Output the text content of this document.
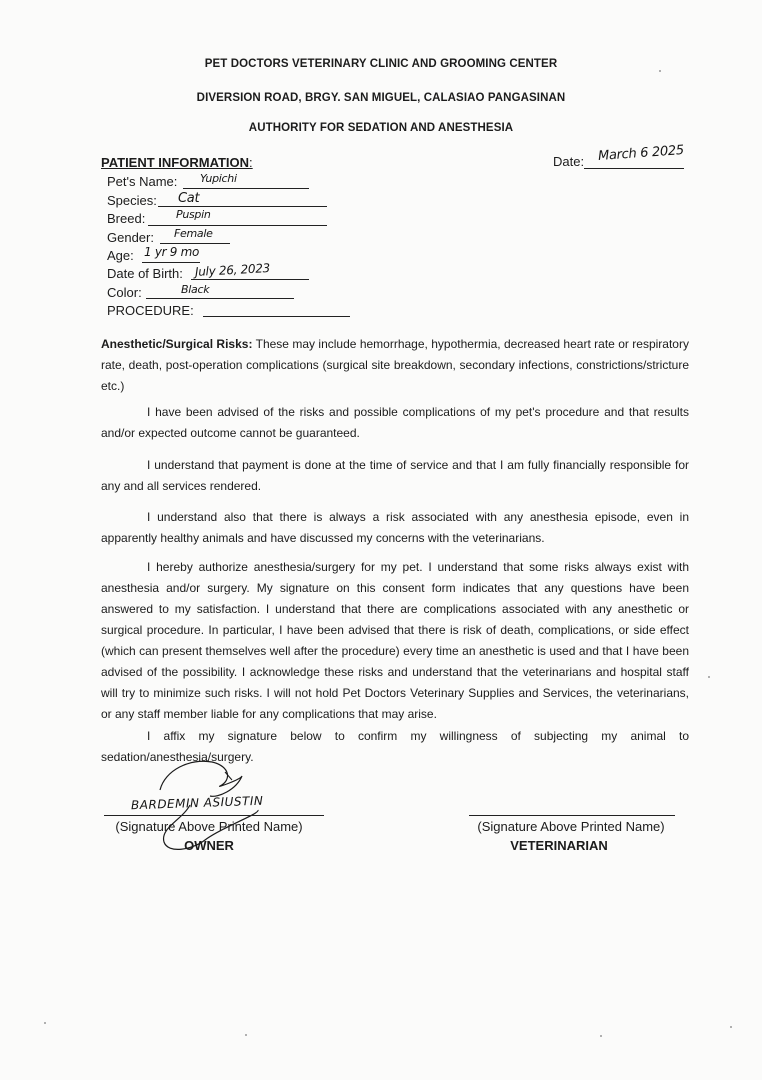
PET DOCTORS VETERINARY CLINIC AND GROOMING CENTER
DIVERSION ROAD, BRGY. SAN MIGUEL, CALASIAO PANGASINAN
AUTHORITY FOR SEDATION AND ANESTHESIA
PATIENT INFORMATION:	Date: March 6 2025
Pet's Name: Yupichi
Species: Cat
Breed:	Puspin
Gender: Female
Age: 1 yr 9 mo
Date of Birth: July 26, 2023
Color:	Black
PROCEDURE:
Anesthetic/Surgical Risks: These may include hemorrhage, hypothermia, decreased heart rate or respiratory rate, death, post-operation complications (surgical site breakdown, secondary infections, constrictions/stricture etc.)
I have been advised of the risks and possible complications of my pet's procedure and that results and/or expected outcome cannot be guaranteed.
I understand that payment is done at the time of service and that I am fully financially responsible for any and all services rendered.
I understand also that there is always a risk associated with any anesthesia episode, even in apparently healthy animals and have discussed my concerns with the veterinarians.
I hereby authorize anesthesia/surgery for my pet. I understand that some risks always exist with anesthesia and/or surgery. My signature on this consent form indicates that any questions have been answered to my satisfaction. I understand that there are complications associated with any anesthetic or surgical procedure. In particular, I have been advised that there is risk of death, complications, or side effect (which can present themselves well after the procedure) every time an anesthetic is used and that I have been advised of the possibility. I acknowledge these risks and understand that the veterinarians and hospital staff will try to minimize such risks. I will not hold Pet Doctors Veterinary Supplies and Services, the veterinarians, or any staff member liable for any complications that may arise.
I affix my signature below to confirm my willingness of subjecting my animal to sedation/anesthesia/surgery.
BARDEMIN ASIUSTIN
(Signature Above Printed Name)
OWNER
(Signature Above Printed Name)
VETERINARIAN
